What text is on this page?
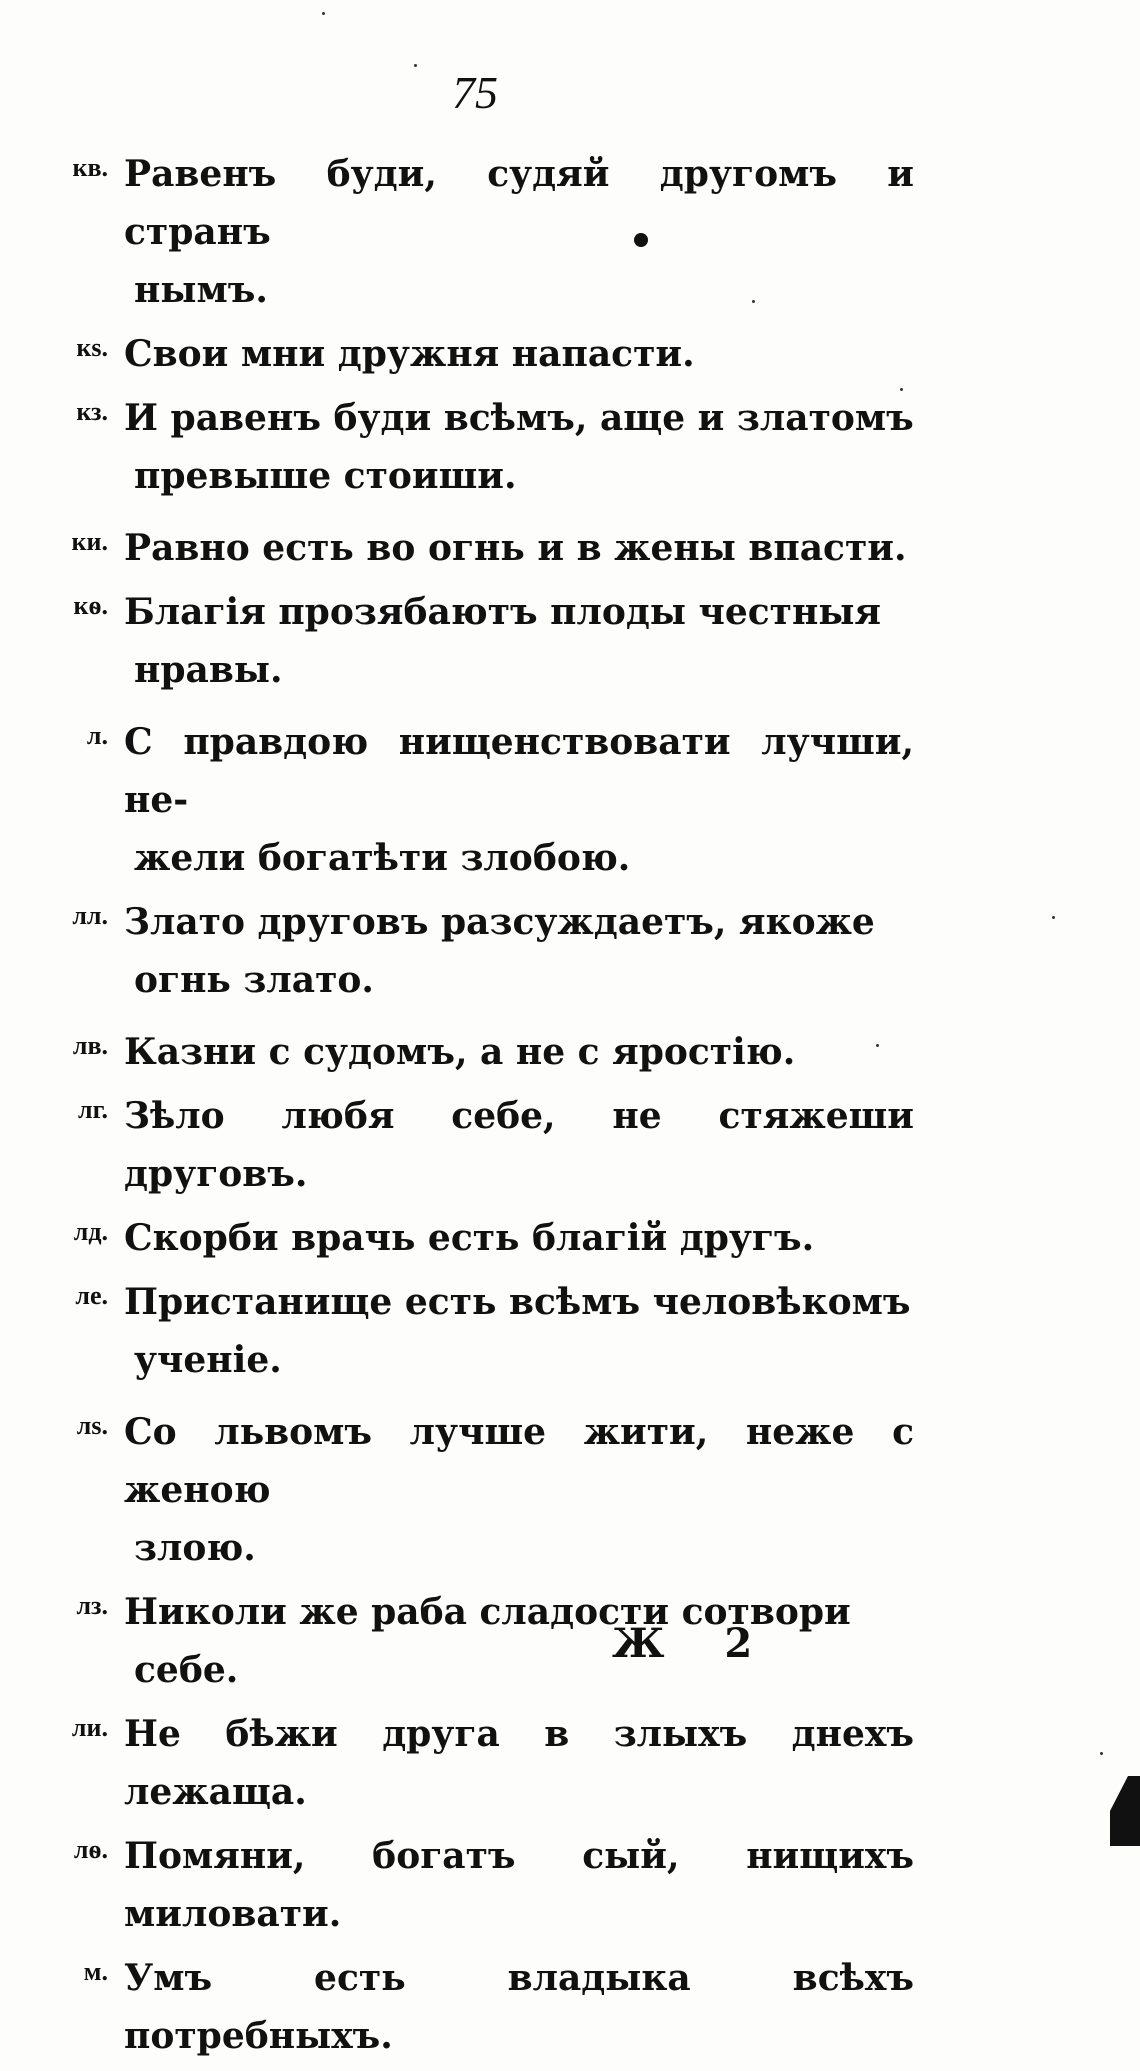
75
кв. Равенъ буди, судяй другомъ и странъ
нымъ.
кѕ. Свои мни дружня напасти.
кз. И равенъ буди всѣмъ, аще и златомъ
превыше стоиши.
ки. Равно есть во огнь и в жены впасти.
кѳ. Благія прозябаютъ плоды честныя
нравы.
л. С правдою нищенствовати лучши, не-
жели богатѣти злобою.
лл. Злато друговъ разсуждаетъ, якоже
огнь злато.
лв. Казни с судомъ, а не с яростію.
лг. Зѣло любя себе, не стяжеши друговъ.
лд. Скорби врачь есть благій другъ.
ле. Пристанище есть всѣмъ человѣкомъ
ученіе.
лѕ. Со львомъ лучше жити, неже с женою
злою.
лз. Николи же раба сладости сотвори
себе.
ли. Не бѣжи друга в злыхъ днехъ лежаща.
лѳ. Помяни, богатъ сый, нищихъ миловати.
м. Умъ есть владыка всѣхъ потребныхъ.
Ж 2
